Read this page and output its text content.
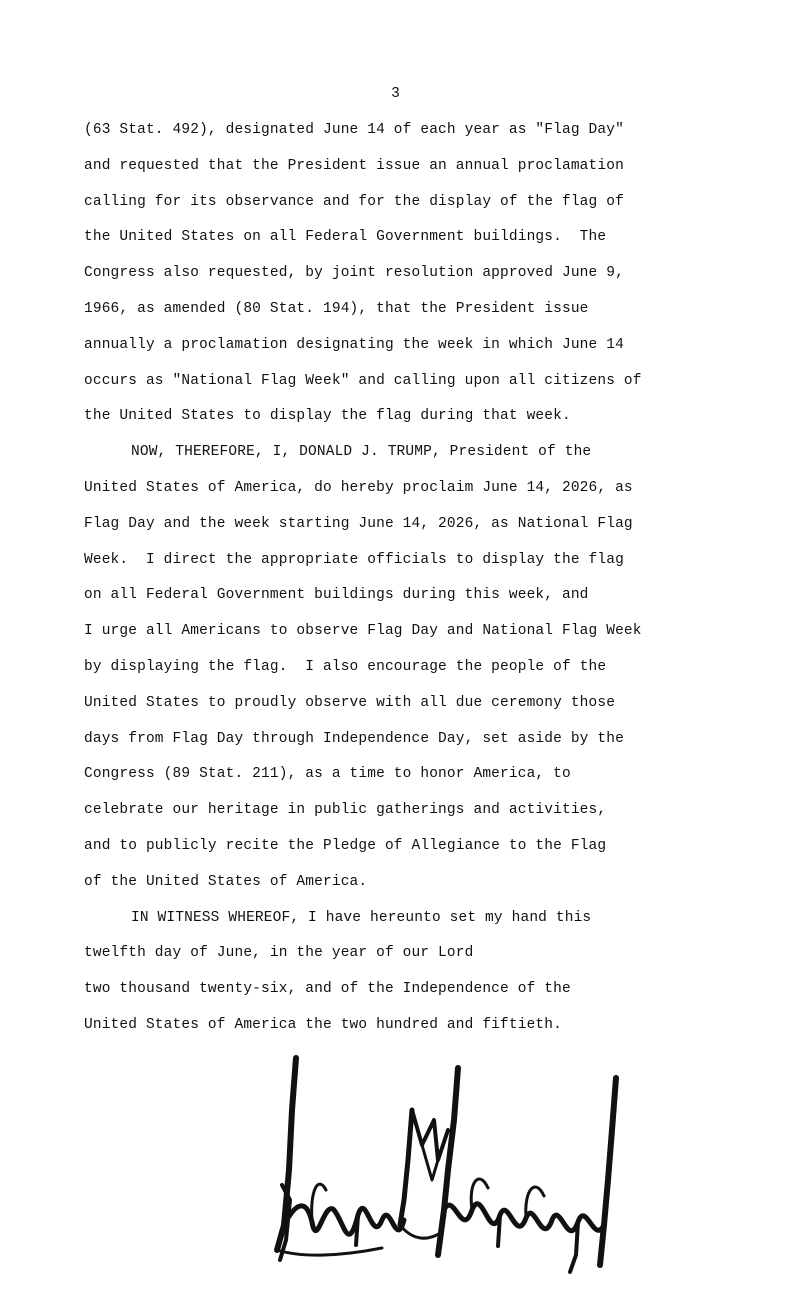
3
(63 Stat. 492), designated June 14 of each year as "Flag Day"
and requested that the President issue an annual proclamation
calling for its observance and for the display of the flag of
the United States on all Federal Government buildings.  The
Congress also requested, by joint resolution approved June 9,
1966, as amended (80 Stat. 194), that the President issue
annually a proclamation designating the week in which June 14
occurs as "National Flag Week" and calling upon all citizens of
the United States to display the flag during that week.
NOW, THEREFORE, I, DONALD J. TRUMP, President of the
United States of America, do hereby proclaim June 14, 2026, as
Flag Day and the week starting June 14, 2026, as National Flag
Week.  I direct the appropriate officials to display the flag
on all Federal Government buildings during this week, and
I urge all Americans to observe Flag Day and National Flag Week
by displaying the flag.  I also encourage the people of the
United States to proudly observe with all due ceremony those
days from Flag Day through Independence Day, set aside by the
Congress (89 Stat. 211), as a time to honor America, to
celebrate our heritage in public gatherings and activities,
and to publicly recite the Pledge of Allegiance to the Flag
of the United States of America.
IN WITNESS WHEREOF, I have hereunto set my hand this
twelfth day of June, in the year of our Lord
two thousand twenty-six, and of the Independence of the
United States of America the two hundred and fiftieth.
